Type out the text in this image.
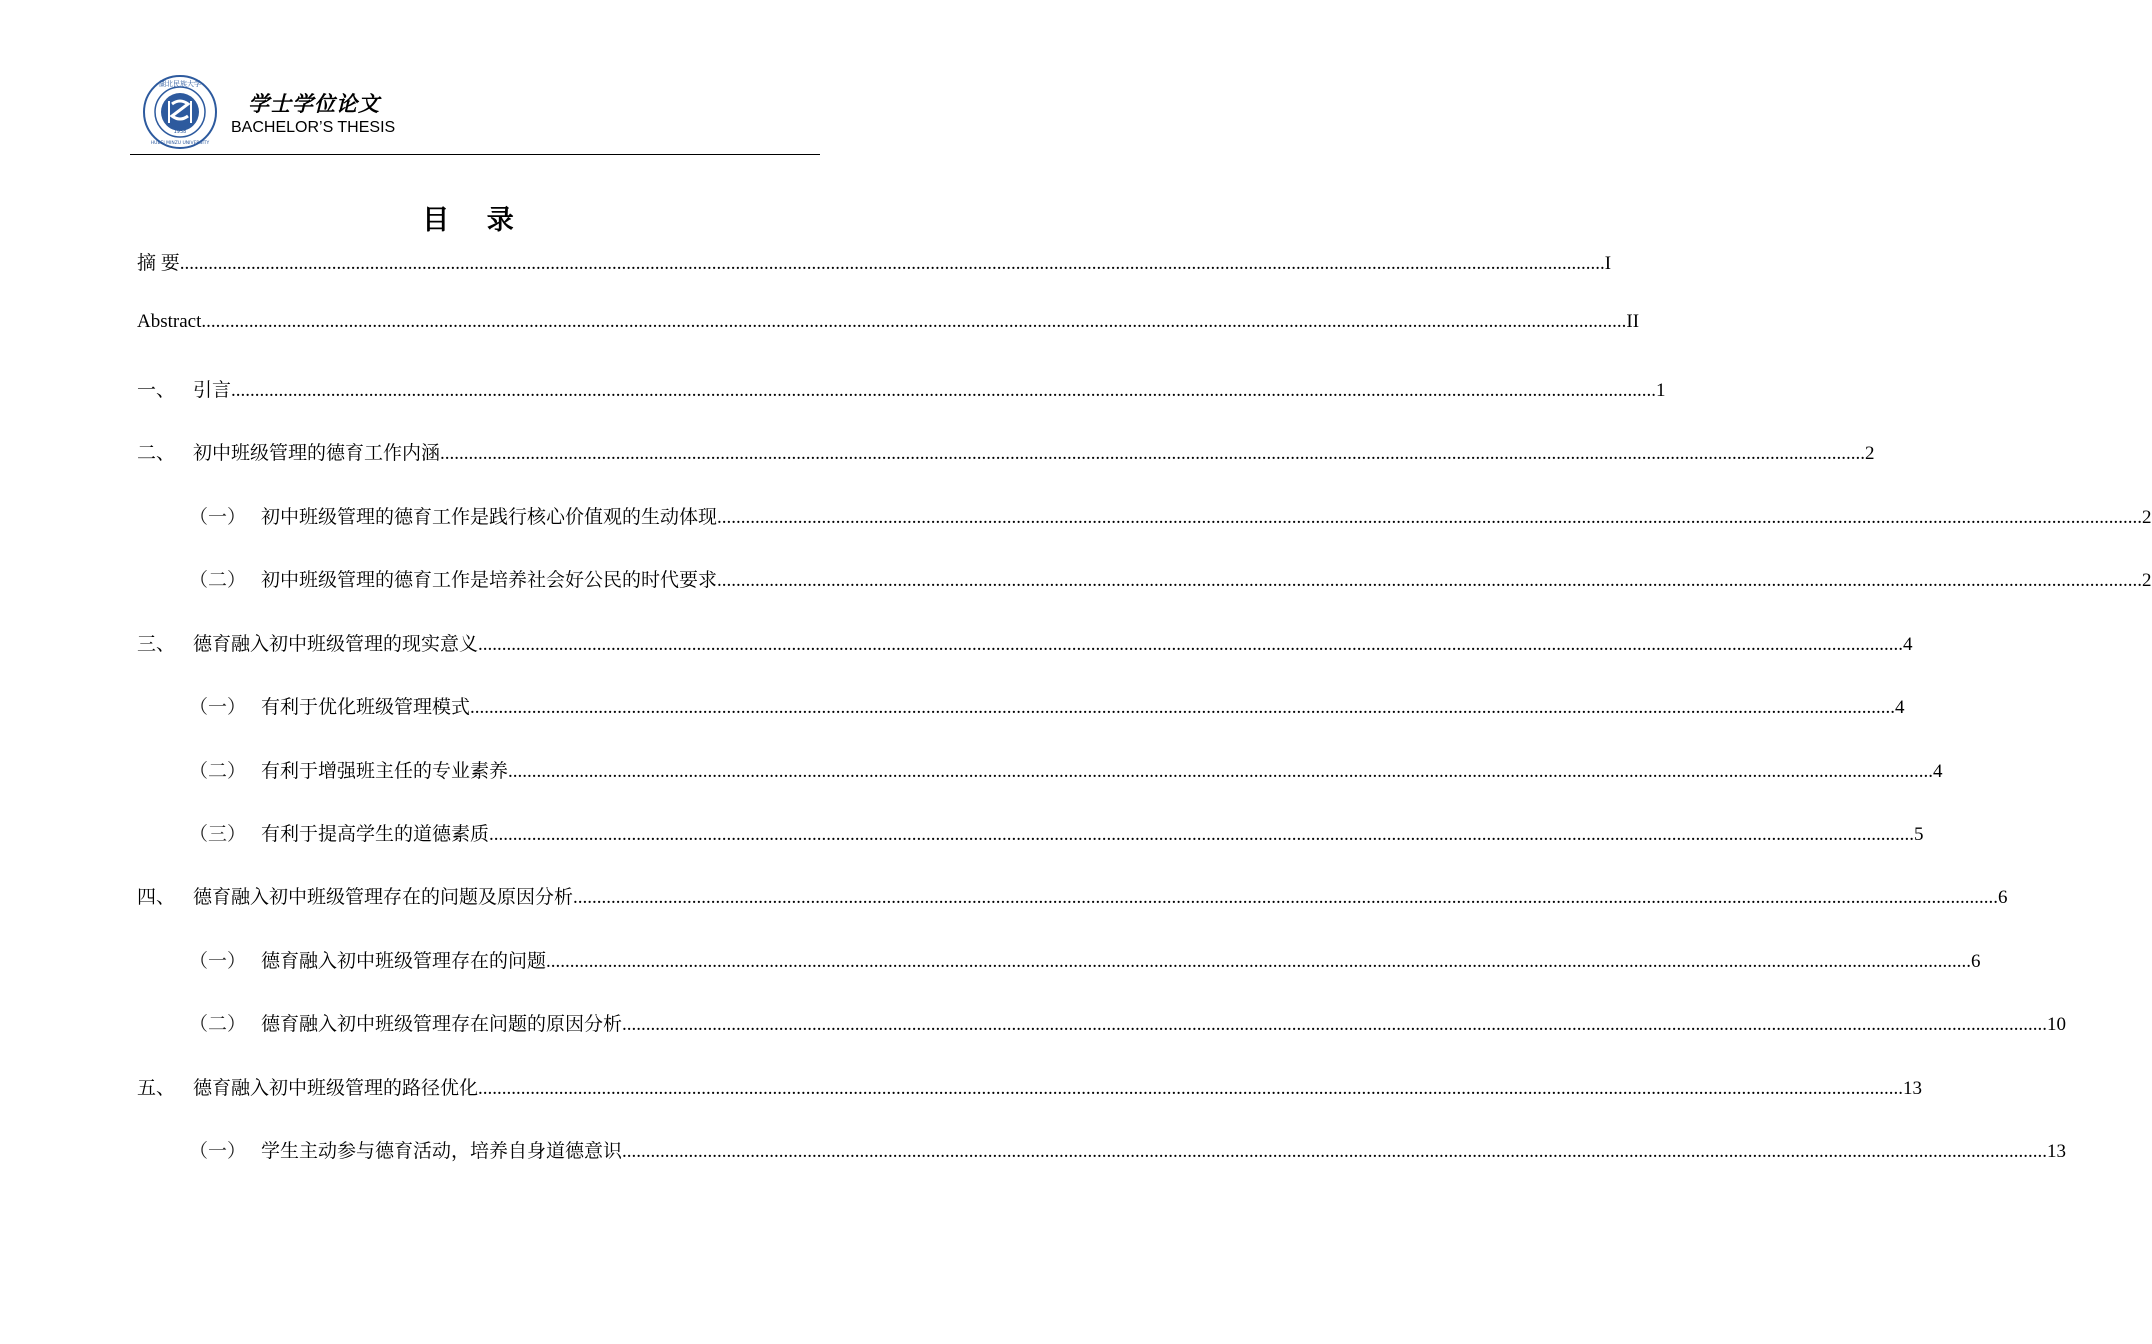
湖北民族大学
1938
HUBEI MINZU UNIVERSITY
学士学位论文
BACHELOR’S THESIS
目 录
摘 要 ............................................................................................................................................................................................................................................................................................................ I
Abstract ............................................................................................................................................................................................................................................................................................................ II
一、 引言 ............................................................................................................................................................................................................................................................................................................ 1
二、 初中班级管理的德育工作内涵 ............................................................................................................................................................................................................................................................................................................ 2
（一） 初中班级管理的德育工作是践行核心价值观的生动体现 ............................................................................................................................................................................................................................................................................................................ 2
（二） 初中班级管理的德育工作是培养社会好公民的时代要求 ............................................................................................................................................................................................................................................................................................................ 2
三、 德育融入初中班级管理的现实意义 ............................................................................................................................................................................................................................................................................................................ 4
（一） 有利于优化班级管理模式 ............................................................................................................................................................................................................................................................................................................ 4
（二） 有利于增强班主任的专业素养 ............................................................................................................................................................................................................................................................................................................ 4
（三） 有利于提高学生的道德素质 ............................................................................................................................................................................................................................................................................................................ 5
四、 德育融入初中班级管理存在的问题及原因分析 ............................................................................................................................................................................................................................................................................................................ 6
（一） 德育融入初中班级管理存在的问题 ............................................................................................................................................................................................................................................................................................................ 6
（二） 德育融入初中班级管理存在问题的原因分析 ............................................................................................................................................................................................................................................................................................................ 10
五、 德育融入初中班级管理的路径优化 ............................................................................................................................................................................................................................................................................................................ 13
（一） 学生主动参与德育活动，培养自身道德意识 ............................................................................................................................................................................................................................................................................................................ 13
